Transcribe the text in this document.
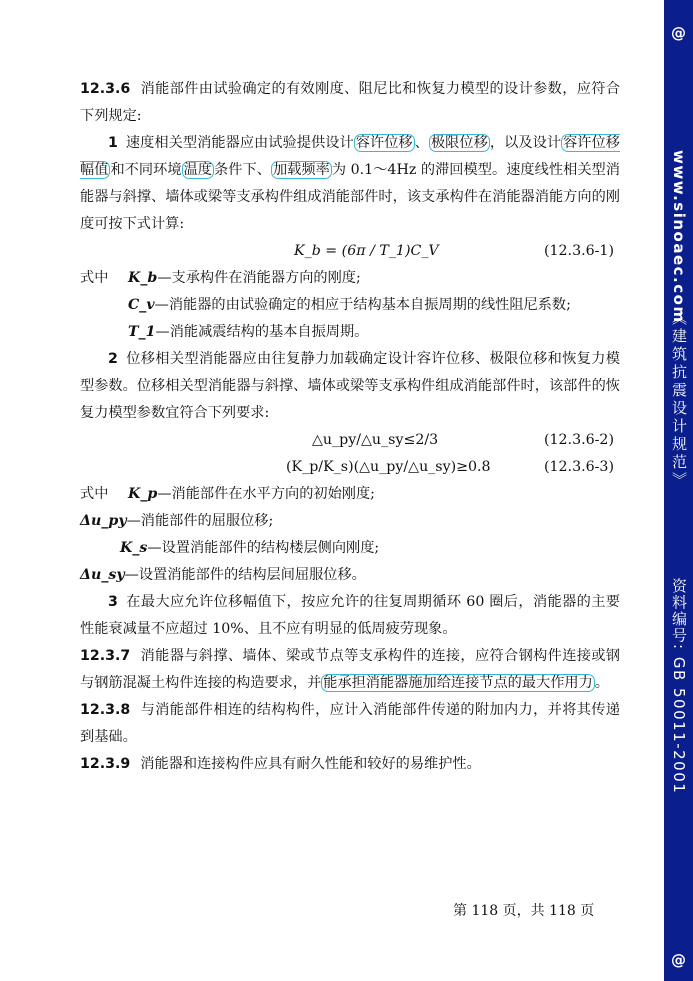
@
www.sinoaec.com
《建筑抗震设计规范》
资料编号: GB 50011-2001
@

12.3.6 消能部件由试验确定的有效刚度、阻尼比和恢复力模型的设计参数，应符合下列规定:

1 速度相关型消能器应由试验提供设计 容许位移 、 极限位移 ，以及设计 容许位移幅值 和不同环境 温度 条件下、 加载频率 为 0.1～4Hz 的滞回模型。速度线性相关型消能器与斜撑、墙体或梁等支承构件组成消能部件时，该支承构件在消能器消能方向的刚度可按下式计算:

K_b = (6π / T_1)C_V	(12.3.6-1)

式中 K_b—支承构件在消能器方向的刚度;

C_v—消能器的由试验确定的相应于结构基本自振周期的线性阻尼系数;

T_1—消能减震结构的基本自振周期。

2 位移相关型消能器应由往复静力加载确定设计容许位移、极限位移和恢复力模型参数。位移相关型消能器与斜撑、墙体或梁等支承构件组成消能部件时，该部件的恢复力模型参数宜符合下列要求:

△u_py/△u_sy≤2/3	(12.3.6-2)
(K_p/K_s)(△u_py/△u_sy)≥0.8	(12.3.6-3)

式中 K_p—消能部件在水平方向的初始刚度;

Δu_py—消能部件的屈服位移;

K_s—设置消能部件的结构楼层侧向刚度;

Δu_sy—设置消能部件的结构层间屈服位移。

3 在最大应允许位移幅值下，按应允许的往复周期循环 60 圈后，消能器的主要性能衰减量不应超过 10%、且不应有明显的低周疲劳现象。

12.3.7 消能器与斜撑、墙体、梁或节点等支承构件的连接，应符合钢构件连接或钢与钢筋混凝土构件连接的构造要求，并 能承担消能器施加给连接节点的最大作用力 。

12.3.8 与消能部件相连的结构构件，应计入消能部件传递的附加内力，并将其传递到基础。

12.3.9 消能器和连接构件应具有耐久性能和较好的易维护性。

第 118 页，共 118 页
